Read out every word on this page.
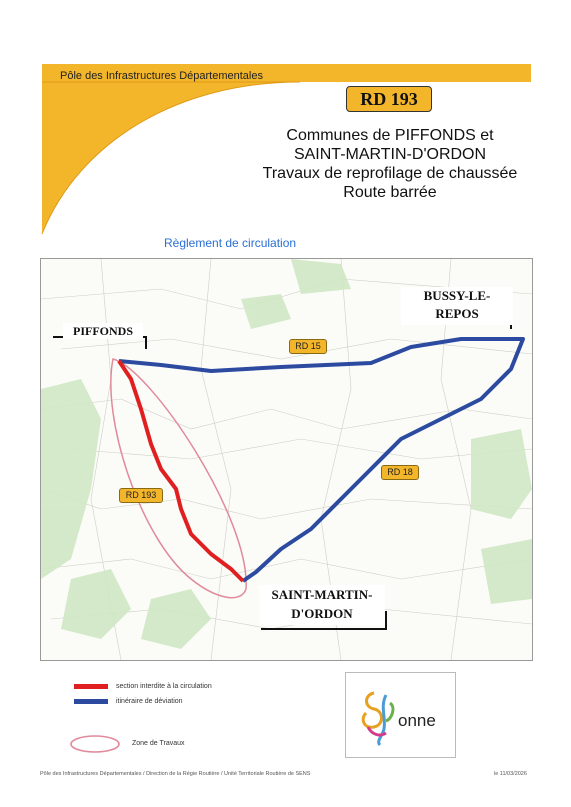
Pôle des Infrastructures Départementales
RD 193
Communes de PIFFONDS et
SAINT-MARTIN-D'ORDON
Travaux de reprofilage de chaussée
Route barrée
Règlement de circulation
PIFFONDS
BUSSY-LE-
REPOS
SAINT-MARTIN-
D'ORDON
RD 15
RD 18
RD 193
section interdite à la circulation
itinéraire de déviation
Zone de Travaux
onne
Pôle des Infrastructures Départementales / Direction de la Régie Routière / Unité Territoriale Routière de SENS	le 11/03/2026
